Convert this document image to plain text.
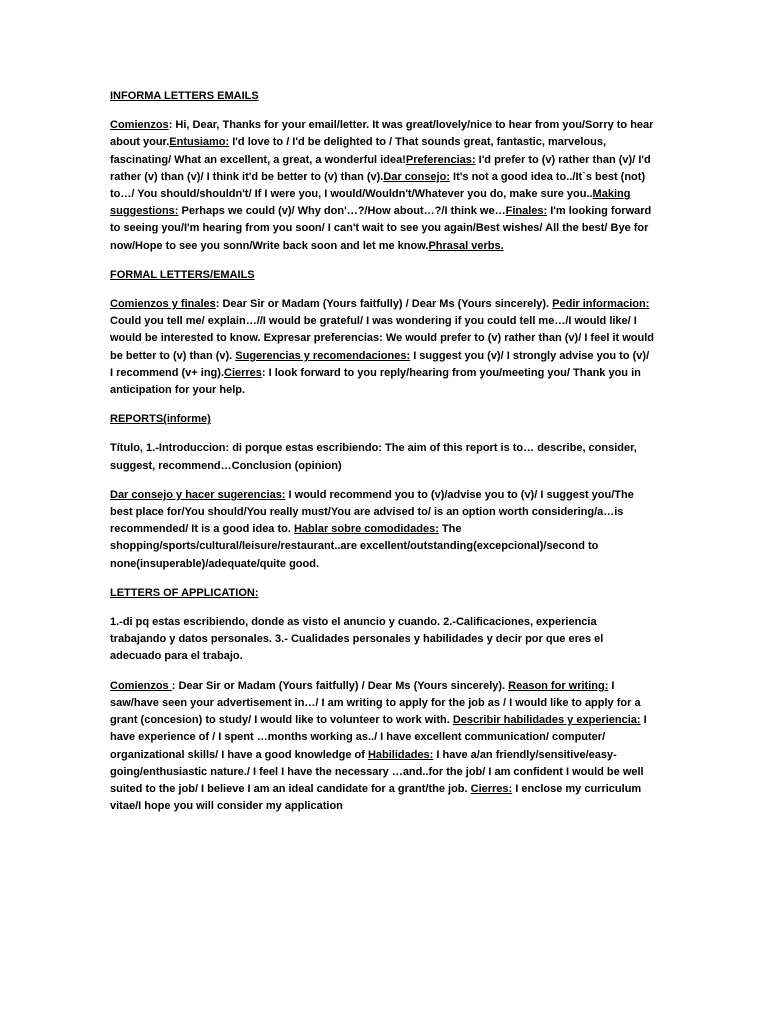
INFORMA LETTERS EMAILS
Comienzos: Hi, Dear, Thanks for your email/letter. It was great/lovely/nice to hear from you/Sorry to hear about your.Entusiamo: I'd love to / I'd be delighted to / That sounds great, fantastic, marvelous, fascinating/ What an excellent, a great, a wonderful idea!Preferencias: I'd prefer to (v) rather than (v)/ I'd rather (v) than (v)/ I think it'd be better to (v) than (v).Dar consejo: It's not a good idea to../It`s best (not) to…/ You should/shouldn't/ If I were you, I would/Wouldn't/Whatever you do, make sure you..Making suggestions: Perhaps we could (v)/ Why don'…?/How about…?/I think we…Finales: I'm looking forward to seeing you/I'm hearing from you soon/ I can't wait to see you again/Best wishes/ All the best/ Bye for now/Hope to see you sonn/Write back soon and let me know.Phrasal verbs.
FORMAL LETTERS/EMAILS
Comienzos y finales: Dear Sir or Madam (Yours faitfully) / Dear Ms (Yours sincerely). Pedir informacion: Could you tell me/ explain…//I would be grateful/ I was wondering if you could tell me…/I would like/ I would be interested to know. Expresar preferencias: We would prefer to (v) rather than (v)/ I feel it would be better to (v) than (v). Sugerencias y recomendaciones: I suggest you (v)/ I strongly advise you to (v)/ I recommend (v+ ing).Cierres: I look forward to you reply/hearing from you/meeting you/ Thank you in anticipation for your help.
REPORTS(informe)
Título, 1.-Introduccion: di porque estas escribiendo: The aim of this report is to… describe, consider, suggest, recommend…Conclusion (opinion)
Dar consejo y hacer sugerencias: I would recommend you to (v)/advise you to (v)/ I suggest you/The best place for/You should/You really must/You are advised to/ is an option worth considering/a…is recommended/ It is a good idea to. Hablar sobre comodidades: The shopping/sports/cultural/leisure/restaurant..are excellent/outstanding(excepcional)/second to none(insuperable)/adequate/quite good.
LETTERS OF APPLICATION:
1.-di pq estas escribiendo, donde as visto el anuncio y cuando. 2.-Calificaciones, experiencia trabajando y datos personales. 3.- Cualidades personales y habilidades y decir por que eres el adecuado para el trabajo.
Comienzos : Dear Sir or Madam (Yours faitfully) / Dear Ms (Yours sincerely). Reason for writing: I saw/have seen your advertisement in…/ I am writing to apply for the job as / I would like to apply for a grant (concesion) to study/ I would like to volunteer to work with. Describir habilidades y experiencia: I have experience of / I spent …months working as../ I have excellent communication/ computer/ organizational skills/ I have a good knowledge of Habilidades: I have a/an friendly/sensitive/easy-going/enthusiastic nature./ I feel I have the necessary …and..for the job/ I am confident I would be well suited to the job/ I believe I am an ideal candidate for a grant/the job. Cierres: I enclose my curriculum vitae/I hope you will consider my application
